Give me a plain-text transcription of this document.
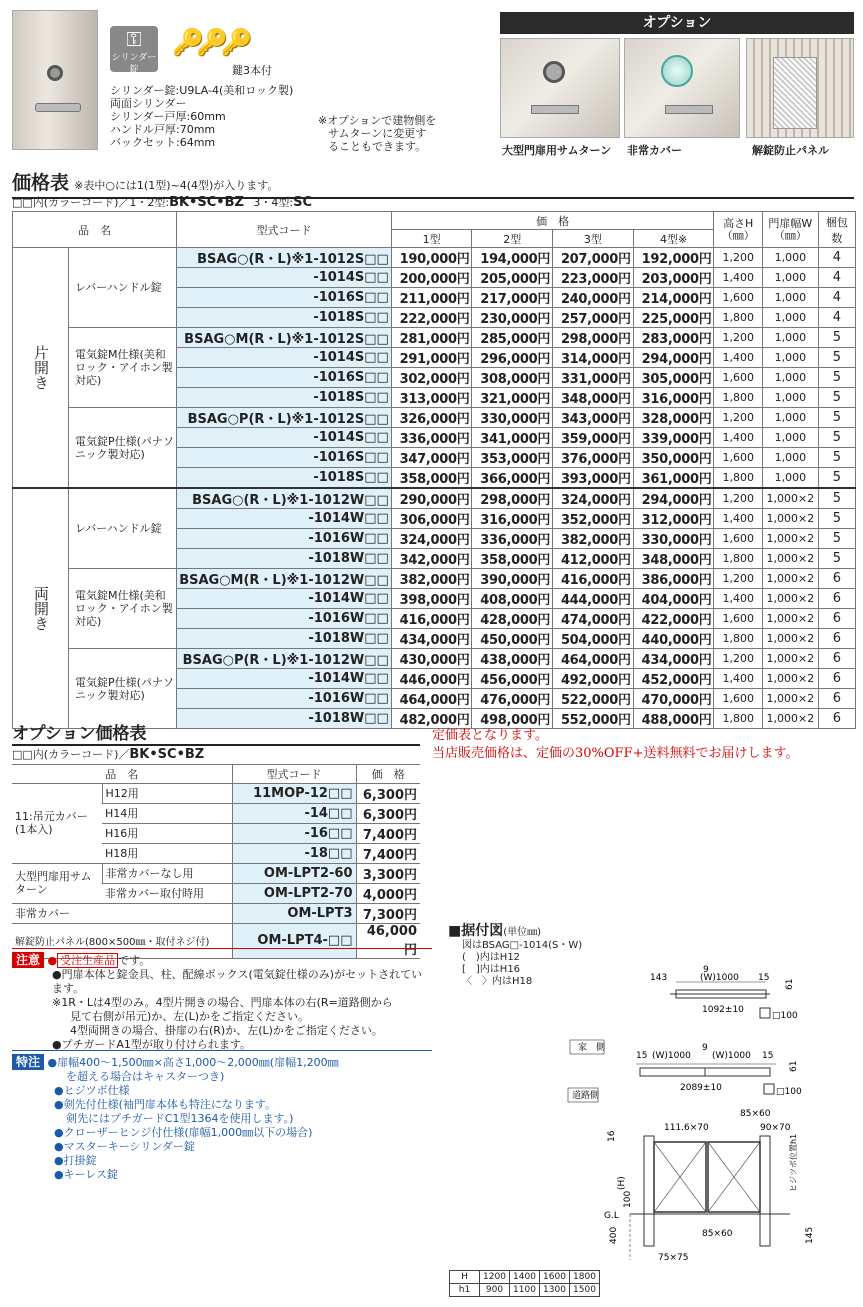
⚿
シリンダー錠
🔑🔑🔑
鍵3本付
シリンダー錠:U9LA-4(美和ロック製)
両面シリンダー
シリンダー戸厚:60mm
ハンドル戸厚:70mm
バックセット:64mm
※オプションで建物側を
サムターンに変更す
ることもできます。
オプション
大型門扉用サムターン 非常カバー	解錠防止パネル
価格表 ※表中○には1(1型)~4(4型)が入ります。
□□内(カラーコード)／1・2型:BK•SC•BZ 3・4型:SC
品　名		型式コード	価　格				高さH（㎜）	門扉幅W（㎜）	梱包数
			1型	2型	3型	4型※			
片開き	レバーハンドル錠	BSAG○(R・L)※1-1012S□□	190,000円	194,000円	207,000円	192,000円	1,200	1,000	4
		-1014S□□	200,000円	205,000円	223,000円	203,000円	1,400	1,000	4
		-1016S□□	211,000円	217,000円	240,000円	214,000円	1,600	1,000	4
		-1018S□□	222,000円	230,000円	257,000円	225,000円	1,800	1,000	4
	電気錠M仕様(美和ロック・アイホン製対応)	BSAG○M(R・L)※1-1012S□□	281,000円	285,000円	298,000円	283,000円	1,200	1,000	5
		-1014S□□	291,000円	296,000円	314,000円	294,000円	1,400	1,000	5
		-1016S□□	302,000円	308,000円	331,000円	305,000円	1,600	1,000	5
		-1018S□□	313,000円	321,000円	348,000円	316,000円	1,800	1,000	5
	電気錠P仕様(パナソニック製対応)	BSAG○P(R・L)※1-1012S□□	326,000円	330,000円	343,000円	328,000円	1,200	1,000	5
		-1014S□□	336,000円	341,000円	359,000円	339,000円	1,400	1,000	5
		-1016S□□	347,000円	353,000円	376,000円	350,000円	1,600	1,000	5
		-1018S□□	358,000円	366,000円	393,000円	361,000円	1,800	1,000	5
両開き	レバーハンドル錠	BSAG○(R・L)※1-1012W□□	290,000円	298,000円	324,000円	294,000円	1,200	1,000×2	5
		-1014W□□	306,000円	316,000円	352,000円	312,000円	1,400	1,000×2	5
		-1016W□□	324,000円	336,000円	382,000円	330,000円	1,600	1,000×2	5
		-1018W□□	342,000円	358,000円	412,000円	348,000円	1,800	1,000×2	5
	電気錠M仕様(美和ロック・アイホン製対応)	BSAG○M(R・L)※1-1012W□□	382,000円	390,000円	416,000円	386,000円	1,200	1,000×2	6
		-1014W□□	398,000円	408,000円	444,000円	404,000円	1,400	1,000×2	6
		-1016W□□	416,000円	428,000円	474,000円	422,000円	1,600	1,000×2	6
		-1018W□□	434,000円	450,000円	504,000円	440,000円	1,800	1,000×2	6
	電気錠P仕様(パナソニック製対応)	BSAG○P(R・L)※1-1012W□□	430,000円	438,000円	464,000円	434,000円	1,200	1,000×2	6
		-1014W□□	446,000円	456,000円	492,000円	452,000円	1,400	1,000×2	6
		-1016W□□	464,000円	476,000円	522,000円	470,000円	1,600	1,000×2	6
		-1018W□□	482,000円	498,000円	552,000円	488,000円	1,800	1,000×2	6
オプション価格表
□□内(カラーコード)／BK•SC•BZ
品　名		型式コード	価　格
11:吊元カバー(1本入)	H12用	11MOP-12□□	6,300円
	H14用	-14□□	6,300円
	H16用	-16□□	7,400円
	H18用	-18□□	7,400円
大型門扉用サムターン	非常カバーなし用	OM-LPT2-60	3,300円
	非常カバー取付時用	OM-LPT2-70	4,000円
非常カバー		OM-LPT3	7,300円
解錠防止パネル(800×500㎜・取付ネジ付)		OM-LPT4-□□	46,000円
定価表となります。
当店販売価格は、定価の30%OFF+送料無料でお届けします。
注意 ● 受注生産品 です。
●門扉本体と錠金具、柱、配線ボックス(電気錠仕様のみ)がセットされています。
※1R・Lは4型のみ。4型片開きの場合、門扉本体の右(R=道路側から
見て右側が吊元)か、左(L)かをご指定ください。
4型両開きの場合、掛扉の右(R)か、左(L)かをご指定ください。
●プチガードA1型が取り付けられます。
特注 ●扉幅400～1,500㎜×高さ1,000～2,000㎜(扉幅1,200㎜
を超える場合はキャスターつき)
●ヒジツボ仕様
●剣先付仕様(袖門扉本体も特注になります。
剣先にはプチガードC1型1364を使用します。)
●クローザーヒンジ付仕様(扉幅1,000㎜以下の場合)
●マスターキーシリンダー錠
●打掛錠
●キーレス錠
■据付図(単位㎜)
図はBSAG□-1014(S・W)
(　)内はH12
[　]内はH16
〈　〉内はH18	143
9
(W)1000 15
61
1092±10
□100
家　側
15 (W)1000
9
(W)1000 15
61
2089±10	□100
道路側
111.6×70
85×60
90×70
16
(H)
100
G.L
400	145
85×60
75×75
ヒジツボ位置h1
H	1200	1400	1600	1800
h1	900	1100	1300	1500
